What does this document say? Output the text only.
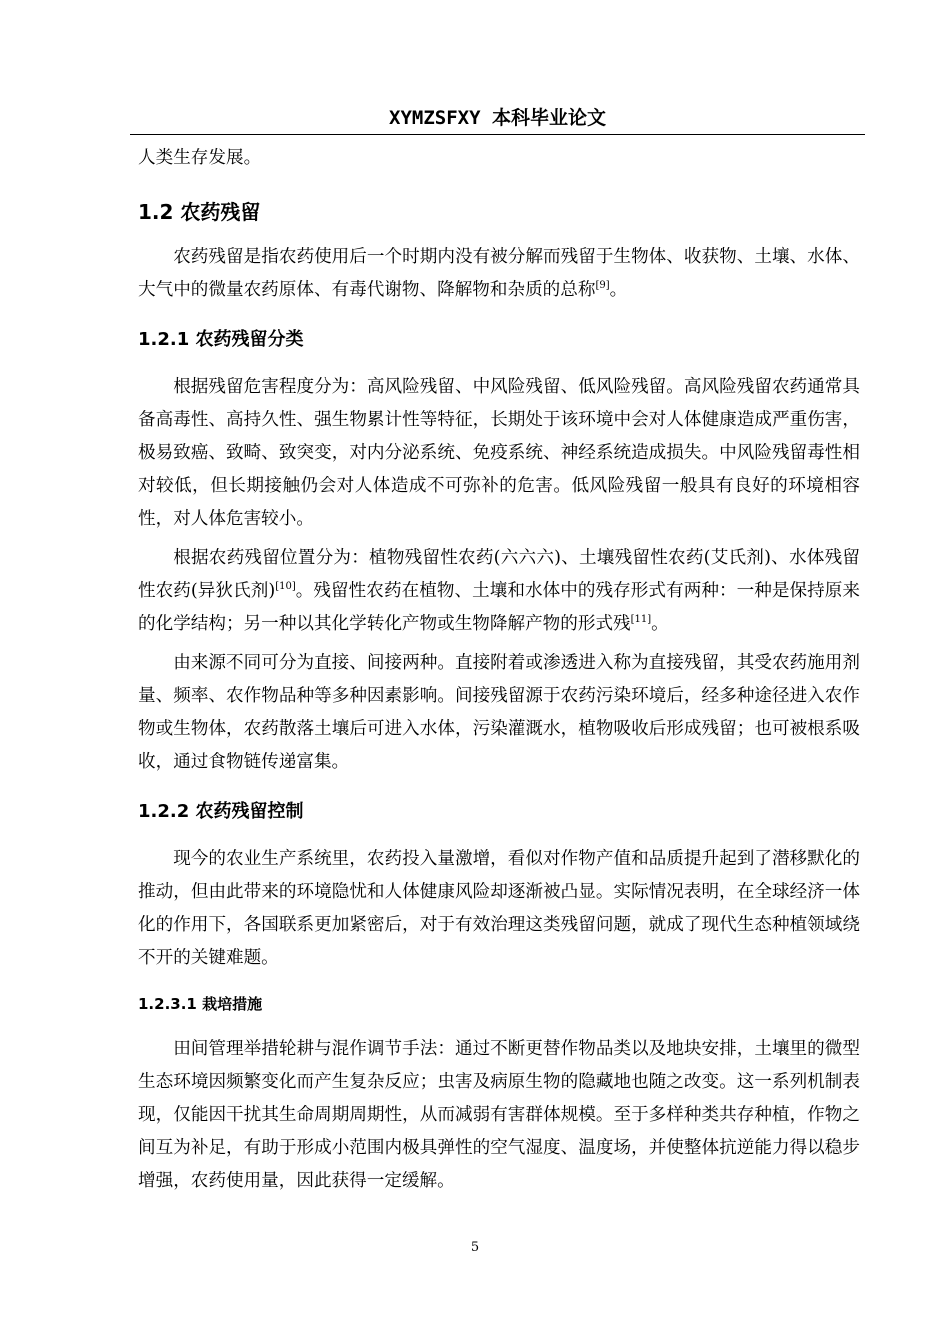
XYMZSFXY 本科毕业论文

人类生存发展。

1.2 农药残留

农药残留是指农药使用后一个时期内没有被分解而残留于生物体、收获物、土壤、水体、大气中的微量农药原体、有毒代谢物、降解物和杂质的总称[9]。

1.2.1 农药残留分类

根据残留危害程度分为：高风险残留、中风险残留、低风险残留。高风险残留农药通常具备高毒性、高持久性、强生物累计性等特征，长期处于该环境中会对人体健康造成严重伤害，极易致癌、致畸、致突变，对内分泌系统、免疫系统、神经系统造成损失。中风险残留毒性相对较低，但长期接触仍会对人体造成不可弥补的危害。低风险残留一般具有良好的环境相容性，对人体危害较小。

根据农药残留位置分为：植物残留性农药(六六六)、土壤残留性农药(艾氏剂)、水体残留性农药(异狄氏剂)[10]。残留性农药在植物、土壤和水体中的残存形式有两种：一种是保持原来的化学结构；另一种以其化学转化产物或生物降解产物的形式残[11]。

由来源不同可分为直接、间接两种。直接附着或渗透进入称为直接残留，其受农药施用剂量、频率、农作物品种等多种因素影响。间接残留源于农药污染环境后，经多种途径进入农作物或生物体，农药散落土壤后可进入水体，污染灌溉水，植物吸收后形成残留；也可被根系吸收，通过食物链传递富集。

1.2.2 农药残留控制

现今的农业生产系统里，农药投入量激增，看似对作物产值和品质提升起到了潜移默化的推动，但由此带来的环境隐忧和人体健康风险却逐渐被凸显。实际情况表明，在全球经济一体化的作用下，各国联系更加紧密后，对于有效治理这类残留问题，就成了现代生态种植领域绕不开的关键难题。

1.2.3.1 栽培措施

田间管理举措轮耕与混作调节手法：通过不断更替作物品类以及地块安排，土壤里的微型生态环境因频繁变化而产生复杂反应；虫害及病原生物的隐藏地也随之改变。这一系列机制表现，仅能因干扰其生命周期周期性，从而减弱有害群体规模。至于多样种类共存种植，作物之间互为补足，有助于形成小范围内极具弹性的空气湿度、温度场，并使整体抗逆能力得以稳步增强，农药使用量，因此获得一定缓解。

5
